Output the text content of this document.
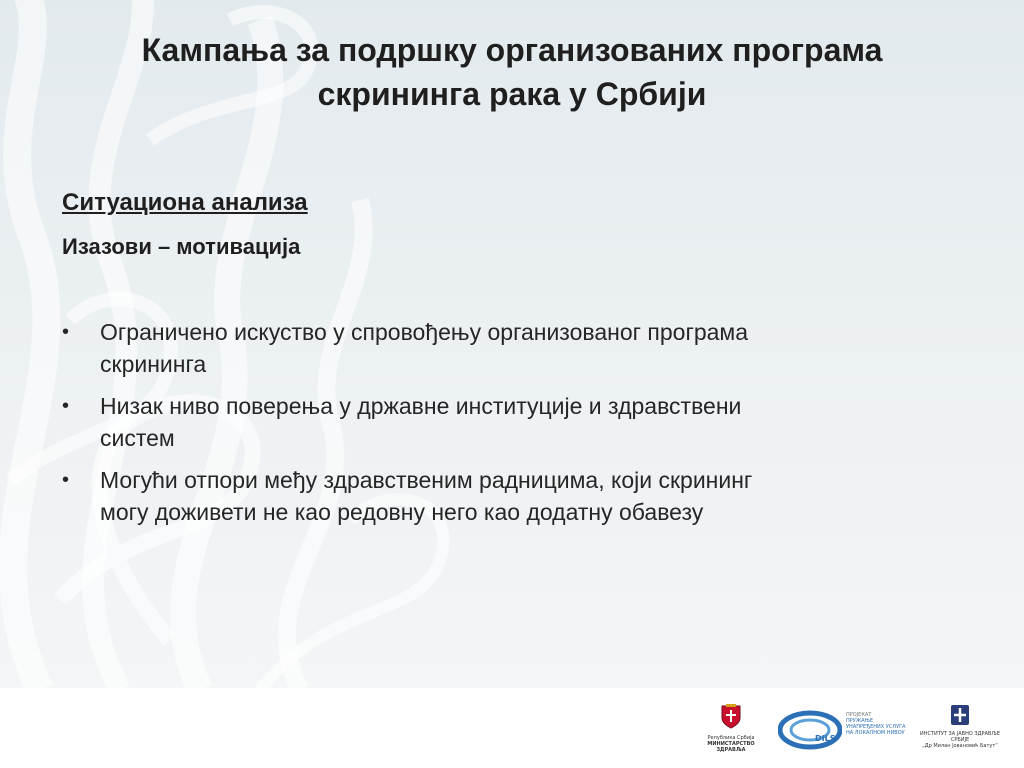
Кампања за подршку организованих програма
скрининга рака у Србији
Ситуациона анализа
Изазови – мотивација
• Ограничено искуство у спровођењу организованог програма
скрининга
• Низак ниво поверења у државне институције и здравствени
систем
• Могући отпори међу здравственим радницима, који скрининг
могу доживети не као редовну него као додатну обавезу
Република Србија
МИНИСТАРСТВО ЗДРАВЉА
DILS
ПРОЈЕКАТ
ПРУЖАЊЕ
УНАПРЕЂЕНИХ УСЛУГА
НА ЛОКАЛНОМ НИВОУ	ИНСТИТУТ ЗА ЈАВНО ЗДРАВЉЕ СРБИЈЕ
„Др Милан Јовановић Батут“
